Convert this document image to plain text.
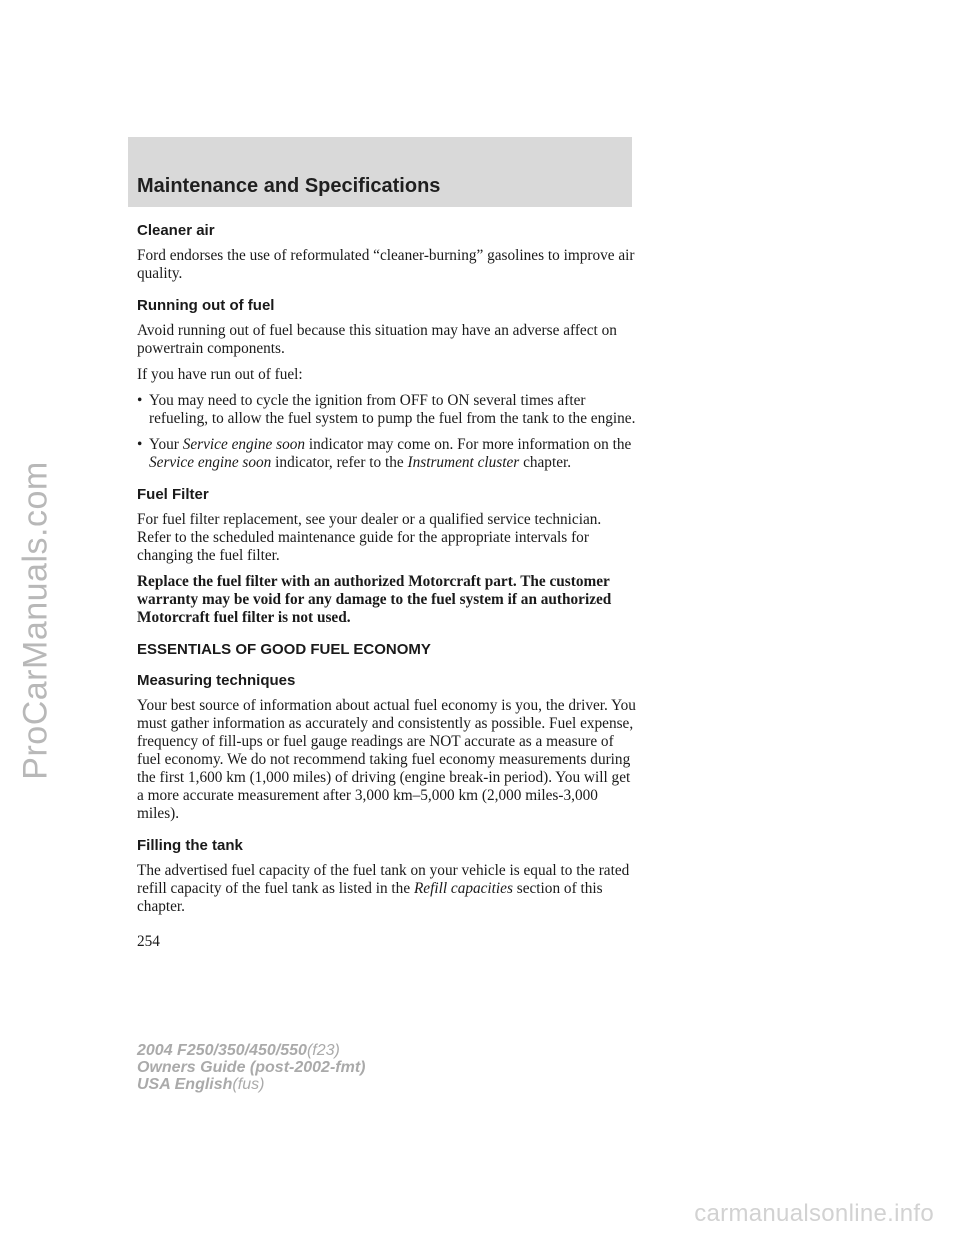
ProCarManuals.com
Maintenance and Specifications
Cleaner air

Ford endorses the use of reformulated “cleaner-burning” gasolines to improve air quality.

Running out of fuel

Avoid running out of fuel because this situation may have an adverse affect on powertrain components.

If you have run out of fuel:

• You may need to cycle the ignition from OFF to ON several times after refueling, to allow the fuel system to pump the fuel from the tank to the engine.
• Your Service engine soon indicator may come on. For more information on the Service engine soon indicator, refer to the Instrument cluster chapter.
Fuel Filter

For fuel filter replacement, see your dealer or a qualified service technician. Refer to the scheduled maintenance guide for the appropriate intervals for changing the fuel filter.

Replace the fuel filter with an authorized Motorcraft part. The customer warranty may be void for any damage to the fuel system if an authorized Motorcraft fuel filter is not used.

ESSENTIALS OF GOOD FUEL ECONOMY
Measuring techniques

Your best source of information about actual fuel economy is you, the driver. You must gather information as accurately and consistently as possible. Fuel expense, frequency of fill-ups or fuel gauge readings are NOT accurate as a measure of fuel economy. We do not recommend taking fuel economy measurements during the first 1,600 km (1,000 miles) of driving (engine break-in period). You will get a more accurate measurement after 3,000 km–5,000 km (2,000 miles-3,000 miles).

Filling the tank

The advertised fuel capacity of the fuel tank on your vehicle is equal to the rated refill capacity of the fuel tank as listed in the Refill capacities section of this chapter.

254

2004 F250/350/450/550(f23)
Owners Guide (post-2002-fmt)
USA English(fus)
carmanualsonline.info
